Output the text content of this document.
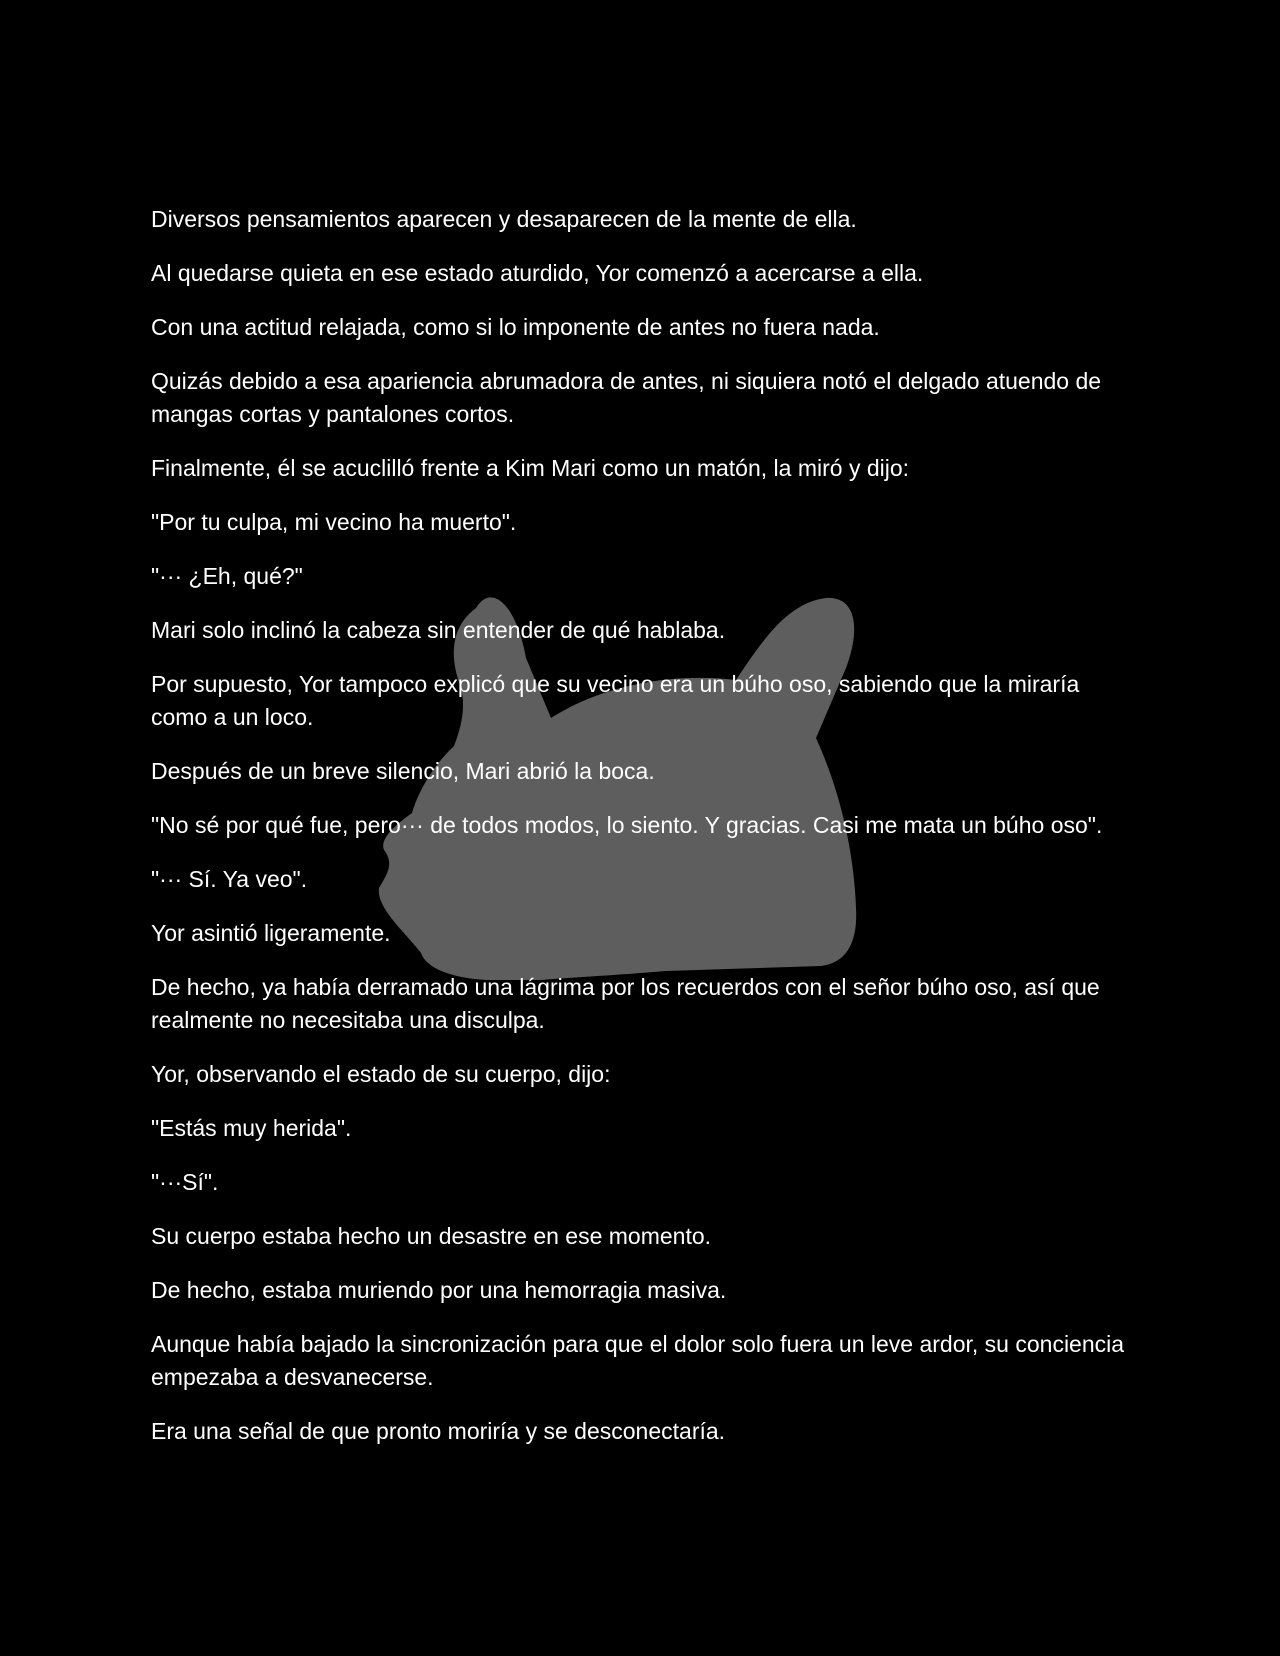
Diversos pensamientos aparecen y desaparecen de la mente de ella.

Al quedarse quieta en ese estado aturdido, Yor comenzó a acercarse a ella.

Con una actitud relajada, como si lo imponente de antes no fuera nada.

Quizás debido a esa apariencia abrumadora de antes, ni siquiera notó el delgado atuendo de mangas cortas y pantalones cortos.

Finalmente, él se acuclilló frente a Kim Mari como un matón, la miró y dijo:

"Por tu culpa, mi vecino ha muerto".

"··· ¿Eh, qué?"

Mari solo inclinó la cabeza sin entender de qué hablaba.

Por supuesto, Yor tampoco explicó que su vecino era un búho oso, sabiendo que la miraría como a un loco.

Después de un breve silencio, Mari abrió la boca.

"No sé por qué fue, pero··· de todos modos, lo siento. Y gracias. Casi me mata un búho oso".

"··· Sí. Ya veo".

Yor asintió ligeramente.

De hecho, ya había derramado una lágrima por los recuerdos con el señor búho oso, así que realmente no necesitaba una disculpa.

Yor, observando el estado de su cuerpo, dijo:

"Estás muy herida".

"···Sí".

Su cuerpo estaba hecho un desastre en ese momento.

De hecho, estaba muriendo por una hemorragia masiva.

Aunque había bajado la sincronización para que el dolor solo fuera un leve ardor, su conciencia empezaba a desvanecerse.

Era una señal de que pronto moriría y se desconectaría.
